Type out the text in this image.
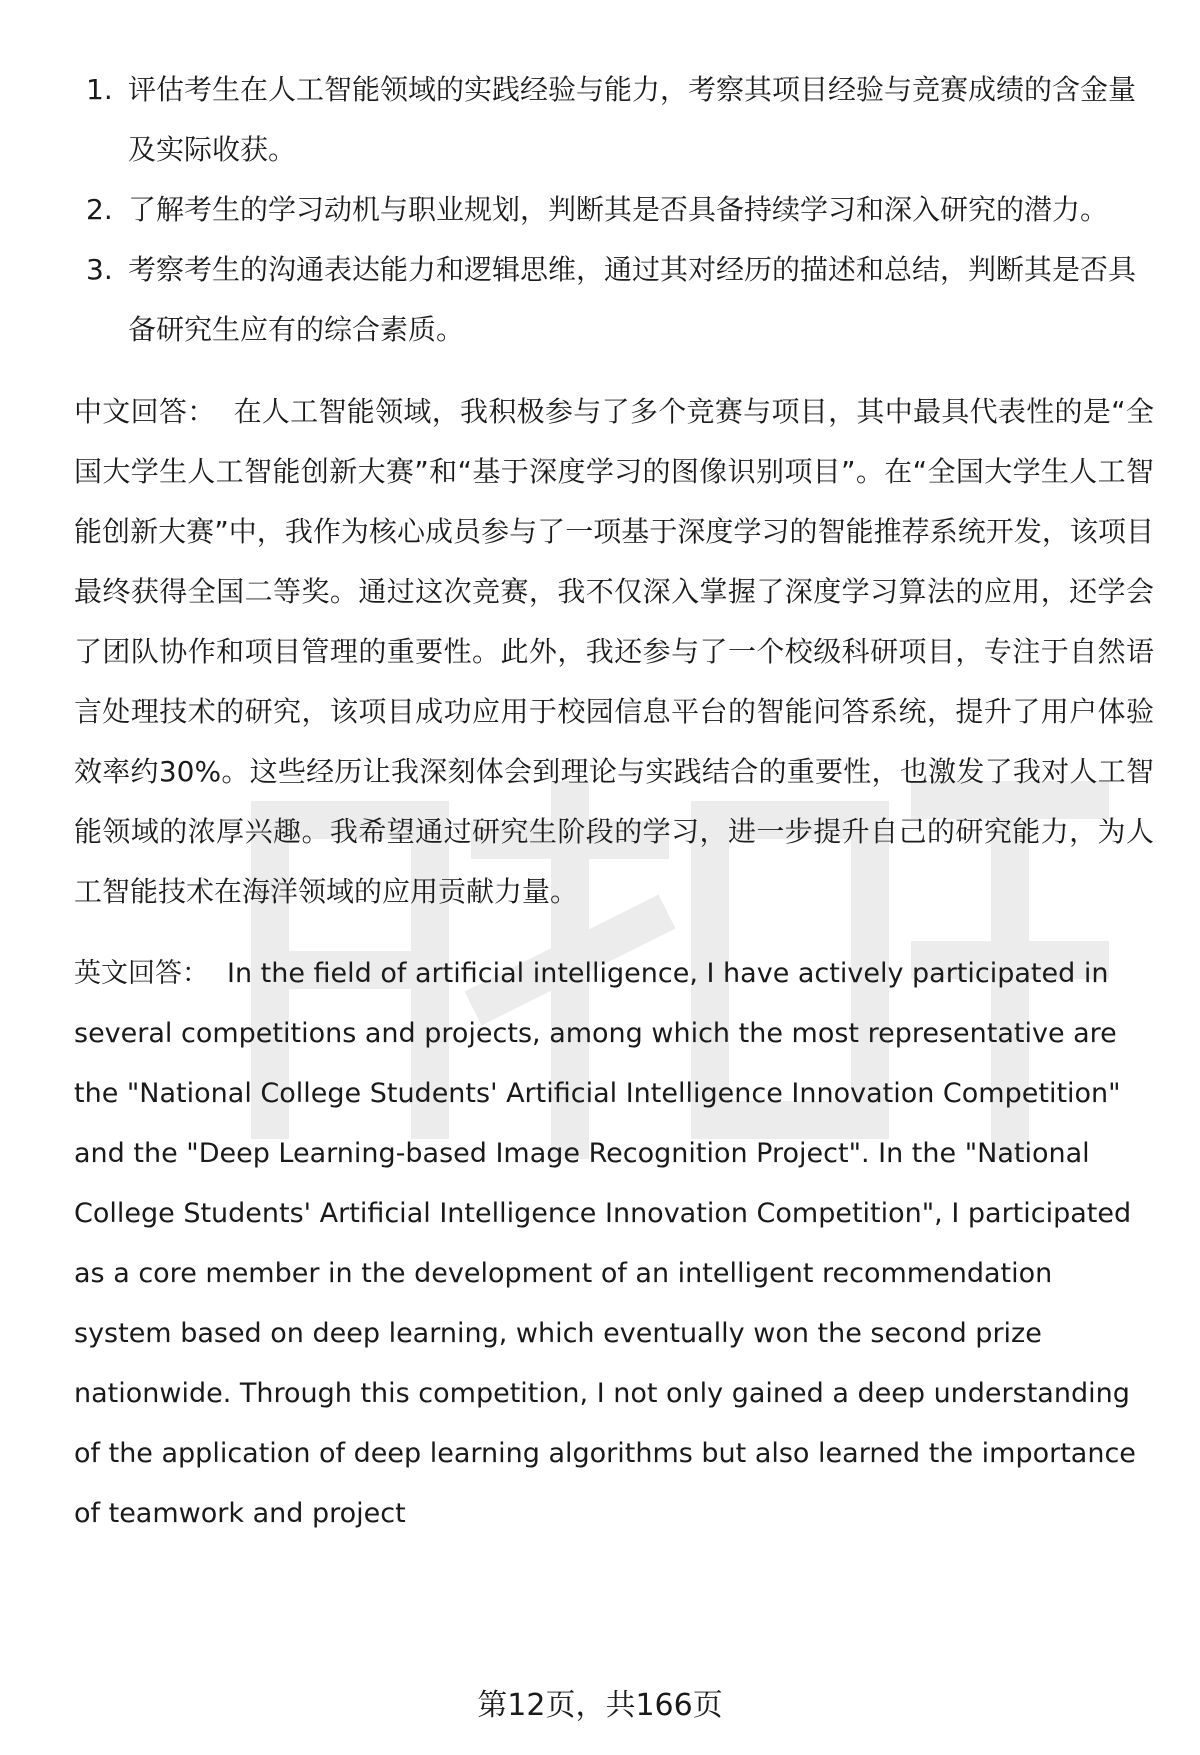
1. 评估考生在人工智能领域的实践经验与能力，考察其项目经验与竞赛成绩的含金量及实际收获。
2. 了解考生的学习动机与职业规划，判断其是否具备持续学习和深入研究的潜力。
3. 考察考生的沟通表达能力和逻辑思维，通过其对经历的描述和总结，判断其是否具备研究生应有的综合素质。

中文回答： 在人工智能领域，我积极参与了多个竞赛与项目，其中最具代表性的是“全国大学生人工智能创新大赛”和“基于深度学习的图像识别项目”。在“全国大学生人工智能创新大赛”中，我作为核心成员参与了一项基于深度学习的智能推荐系统开发，该项目最终获得全国二等奖。通过这次竞赛，我不仅深入掌握了深度学习算法的应用，还学会了团队协作和项目管理的重要性。此外，我还参与了一个校级科研项目，专注于自然语言处理技术的研究，该项目成功应用于校园信息平台的智能问答系统，提升了用户体验效率约30%。这些经历让我深刻体会到理论与实践结合的重要性，也激发了我对人工智能领域的浓厚兴趣。我希望通过研究生阶段的学习，进一步提升自己的研究能力，为人工智能技术在海洋领域的应用贡献力量。

英文回答： In the field of artificial intelligence, I have actively participated in several competitions and projects, among which the most representative are the "National College Students' Artificial Intelligence Innovation Competition" and the "Deep Learning-based Image Recognition Project". In the "National College Students' Artificial Intelligence Innovation Competition", I participated as a core member in the development of an intelligent recommendation system based on deep learning, which eventually won the second prize nationwide. Through this competition, I not only gained a deep understanding of the application of deep learning algorithms but also learned the importance of teamwork and project

第12页，共166页
